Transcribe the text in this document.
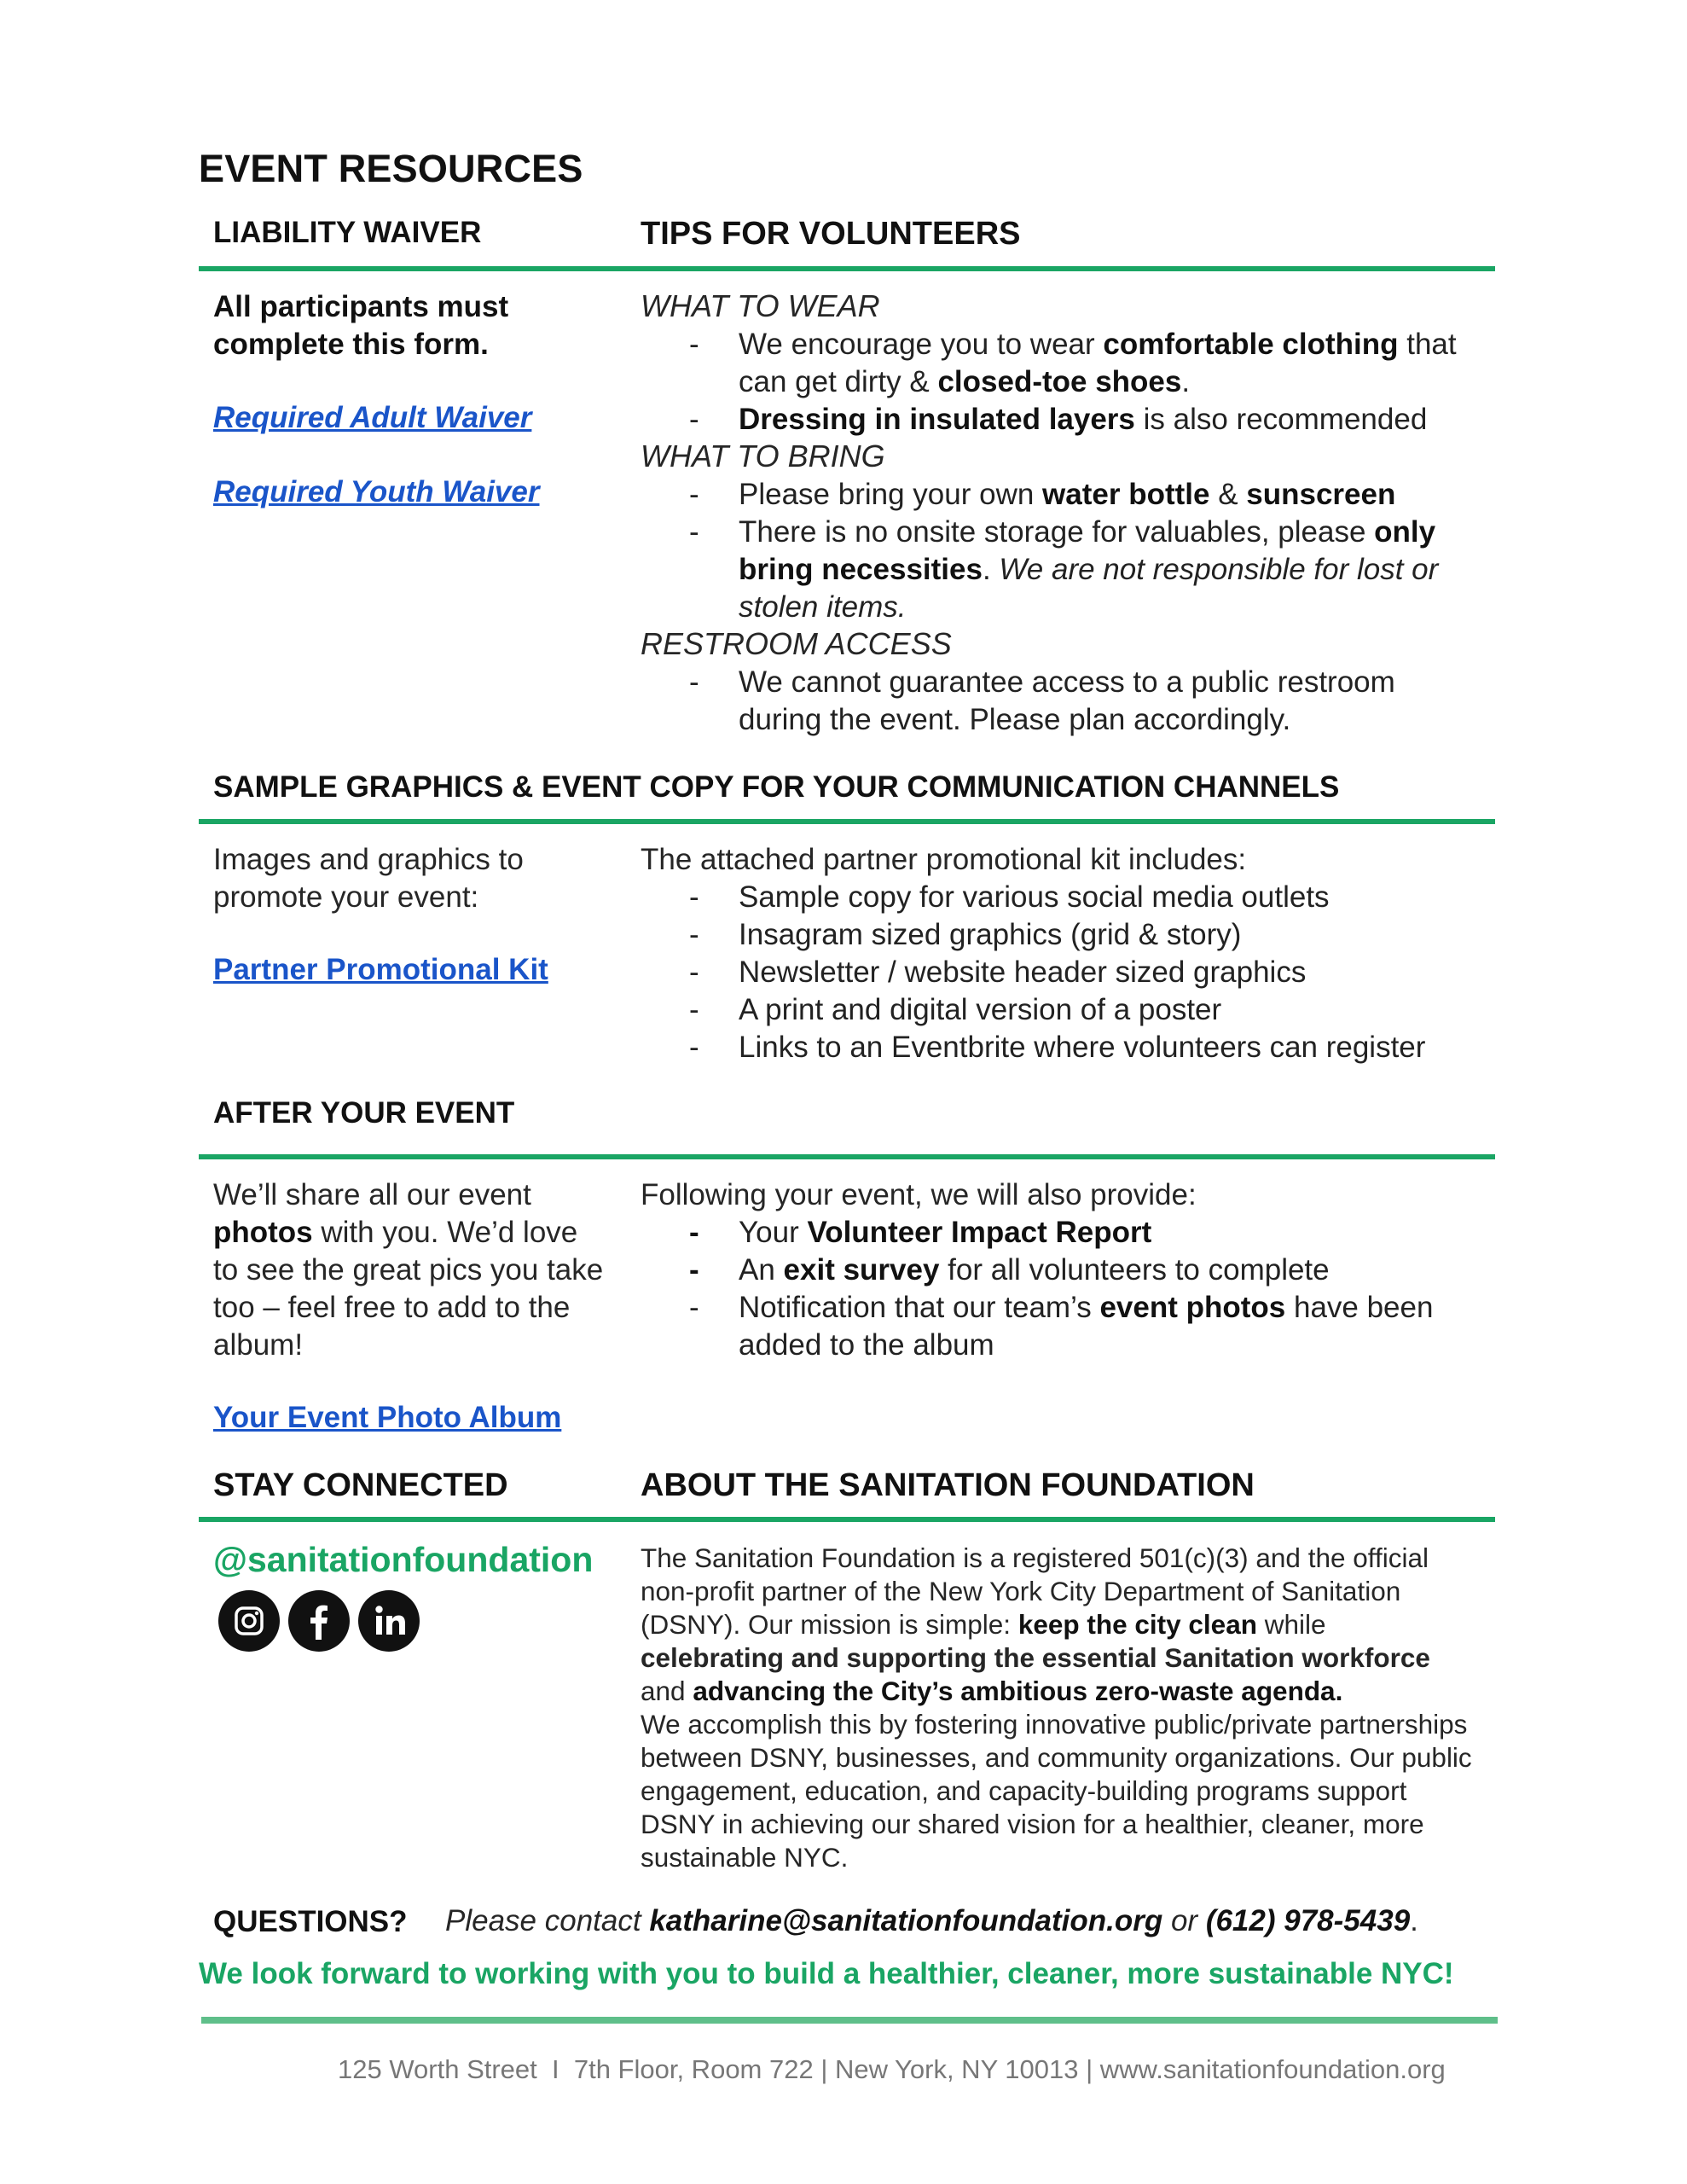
EVENT RESOURCES
LIABILITY WAIVER	TIPS FOR VOLUNTEERS
All participants must
complete this form.
Required Adult Waiver
Required Youth Waiver
WHAT TO WEAR
- We encourage you to wear comfortable clothing that
can get dirty & closed-toe shoes.
- Dressing in insulated layers is also recommended
WHAT TO BRING
- Please bring your own water bottle & sunscreen
- There is no onsite storage for valuables, please only
bring necessities. We are not responsible for lost or
stolen items.
RESTROOM ACCESS
- We cannot guarantee access to a public restroom
during the event. Please plan accordingly.
SAMPLE GRAPHICS & EVENT COPY FOR YOUR COMMUNICATION CHANNELS
Images and graphics to
promote your event:
Partner Promotional Kit
The attached partner promotional kit includes:
- Sample copy for various social media outlets
- Insagram sized graphics (grid & story)
- Newsletter / website header sized graphics
- A print and digital version of a poster
- Links to an Eventbrite where volunteers can register
AFTER YOUR EVENT
We’ll share all our event
photos with you. We’d love
to see the great pics you take
too – feel free to add to the
album!
Your Event Photo Album
Following your event, we will also provide:
- Your Volunteer Impact Report
- An exit survey for all volunteers to complete
- Notification that our team’s event photos have been
added to the album
STAY CONNECTED	ABOUT THE SANITATION FOUNDATION
@sanitationfoundation The Sanitation Foundation is a registered 501(c)(3) and the official
non-profit partner of the New York City Department of Sanitation
(DSNY). Our mission is simple: keep the city clean while
celebrating and supporting the essential Sanitation workforce
and advancing the City’s ambitious zero-waste agenda.
We accomplish this by fostering innovative public/private partnerships
between DSNY, businesses, and community organizations. Our public
engagement, education, and capacity-building programs support
DSNY in achieving our shared vision for a healthier, cleaner, more
sustainable NYC.
QUESTIONS? Please contact katharine@sanitationfoundation.org or (612) 978-5439.
We look forward to working with you to build a healthier, cleaner, more sustainable NYC!
125 Worth Street  I  7th Floor, Room 722 | New York, NY 10013 | www.sanitationfoundation.org
